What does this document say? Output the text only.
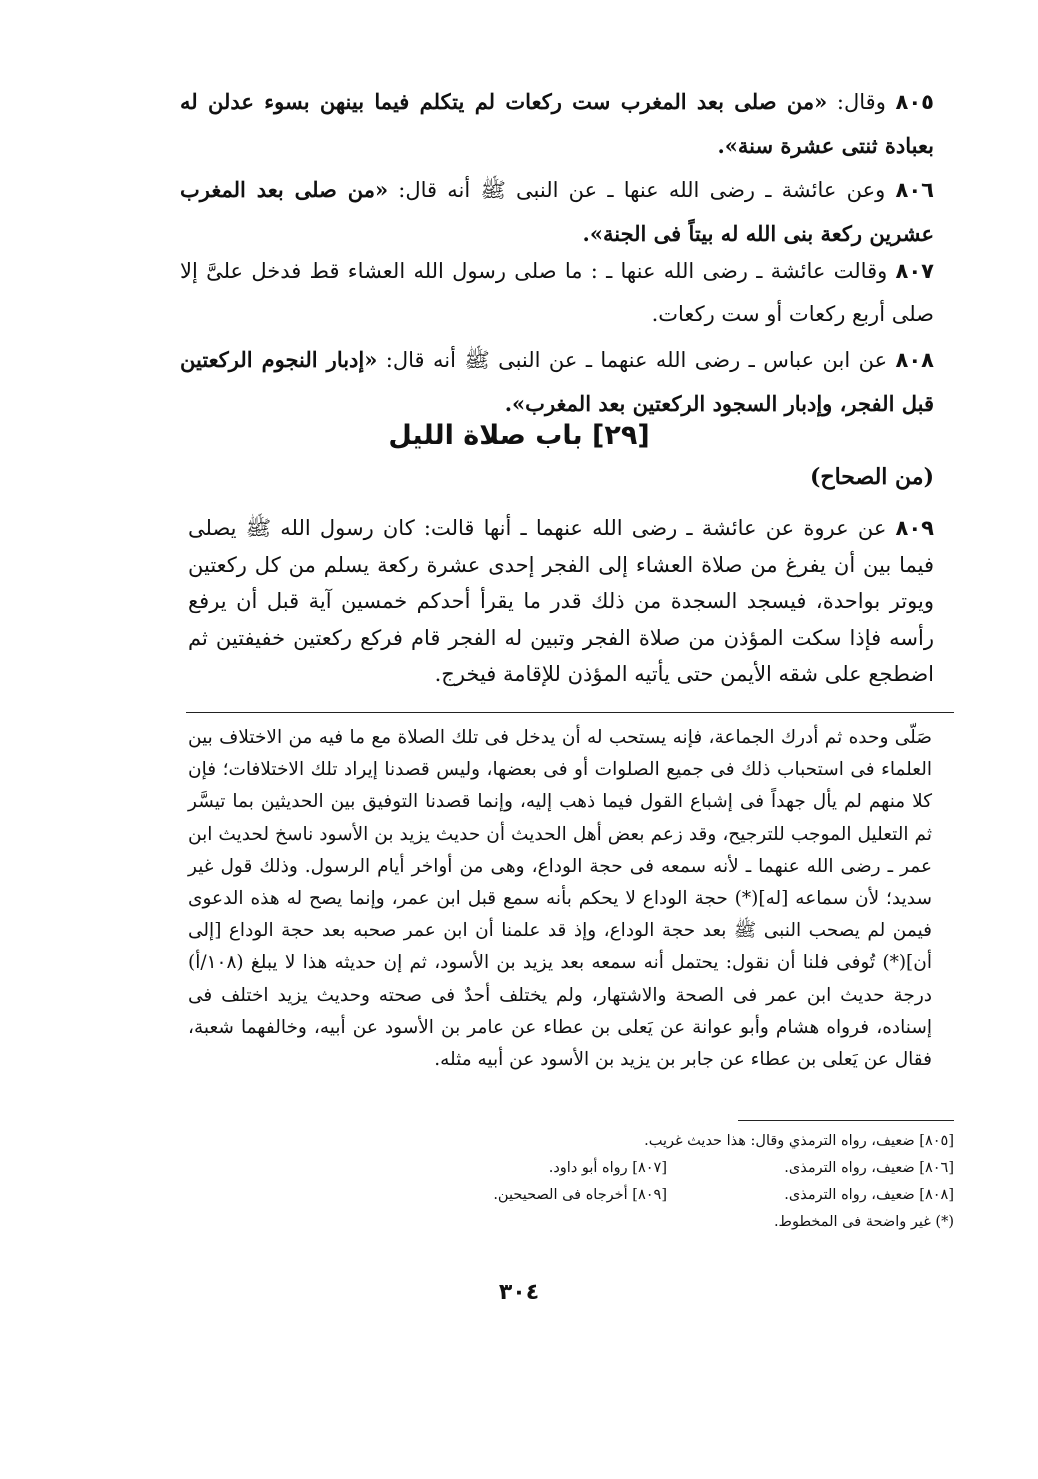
٨٠٥ وقال: «من صلى بعد المغرب ست ركعات لم يتكلم فيما بينهن بسوء عدلن له بعبادة ثنتى عشرة سنة».
٨٠٦ وعن عائشة ـ رضى الله عنها ـ عن النبى ﷺ أنه قال: «من صلى بعد المغرب عشرين ركعة بنى الله له بيتاً فى الجنة».
٨٠٧ وقالت عائشة ـ رضى الله عنها ـ : ما صلى رسول الله العشاء قط فدخل علىَّ إلا صلى أربع ركعات أو ست ركعات.
٨٠٨ عن ابن عباس ـ رضى الله عنهما ـ عن النبى ﷺ أنه قال: «إدبار النجوم الركعتين قبل الفجر، وإدبار السجود الركعتين بعد المغرب».
[٢٩] باب صلاة الليل
(من الصحاح)
٨٠٩ عن عروة عن عائشة ـ رضى الله عنهما ـ أنها قالت: كان رسول الله ﷺ يصلى فيما بين أن يفرغ من صلاة العشاء إلى الفجر إحدى عشرة ركعة يسلم من كل ركعتين ويوتر بواحدة، فيسجد السجدة من ذلك قدر ما يقرأ أحدكم خمسين آية قبل أن يرفع رأسه فإذا سكت المؤذن من صلاة الفجر وتبين له الفجر قام فركع ركعتين خفيفتين ثم اضطجع على شقه الأيمن حتى يأتيه المؤذن للإقامة فيخرج.
صَلّى وحده ثم أدرك الجماعة، فإنه يستحب له أن يدخل فى تلك الصلاة مع ما فيه من الاختلاف بين العلماء فى استحباب ذلك فى جميع الصلوات أو فى بعضها، وليس قصدنا إيراد تلك الاختلافات؛ فإن كلا منهم لم يأل جهداً فى إشباع القول فيما ذهب إليه، وإنما قصدنا التوفيق بين الحديثين بما تيسَّر ثم التعليل الموجب للترجيح، وقد زعم بعض أهل الحديث أن حديث يزيد بن الأسود ناسخ لحديث ابن عمر ـ رضى الله عنهما ـ لأنه سمعه فى حجة الوداع، وهى من أواخر أيام الرسول. وذلك قول غير سديد؛ لأن سماعه [له](*) حجة الوداع لا يحكم بأنه سمع قبل ابن عمر، وإنما يصح له هذه الدعوى فيمن لم يصحب النبى ﷺ بعد حجة الوداع، وإذ قد علمنا أن ابن عمر صحبه بعد حجة الوداع [إلى أن](*) تُوفى فلنا أن نقول: يحتمل أنه سمعه بعد يزيد بن الأسود، ثم إن حديثه هذا لا يبلغ (١٠٨/أ) درجة حديث ابن عمر فى الصحة والاشتهار، ولم يختلف أحدٌ فى صحته وحديث يزيد اختلف فى إسناده، فرواه هشام وأبو عوانة عن يَعلى بن عطاء عن عامر بن الأسود عن أبيه، وخالفهما شعبة، فقال عن يَعلى بن عطاء عن جابر بن يزيد بن الأسود عن أبيه مثله.
[٨٠٥] ضعيف، رواه الترمذي وقال: هذا حديث غريب.
[٨٠٦] ضعيف، رواه الترمذى.
[٨٠٧] رواه أبو داود.
[٨٠٨] ضعيف، رواه الترمذى.
[٨٠٩] أخرجاه فى الصحيحين.
(*) غير واضحة فى المخطوط.
٣٠٤
